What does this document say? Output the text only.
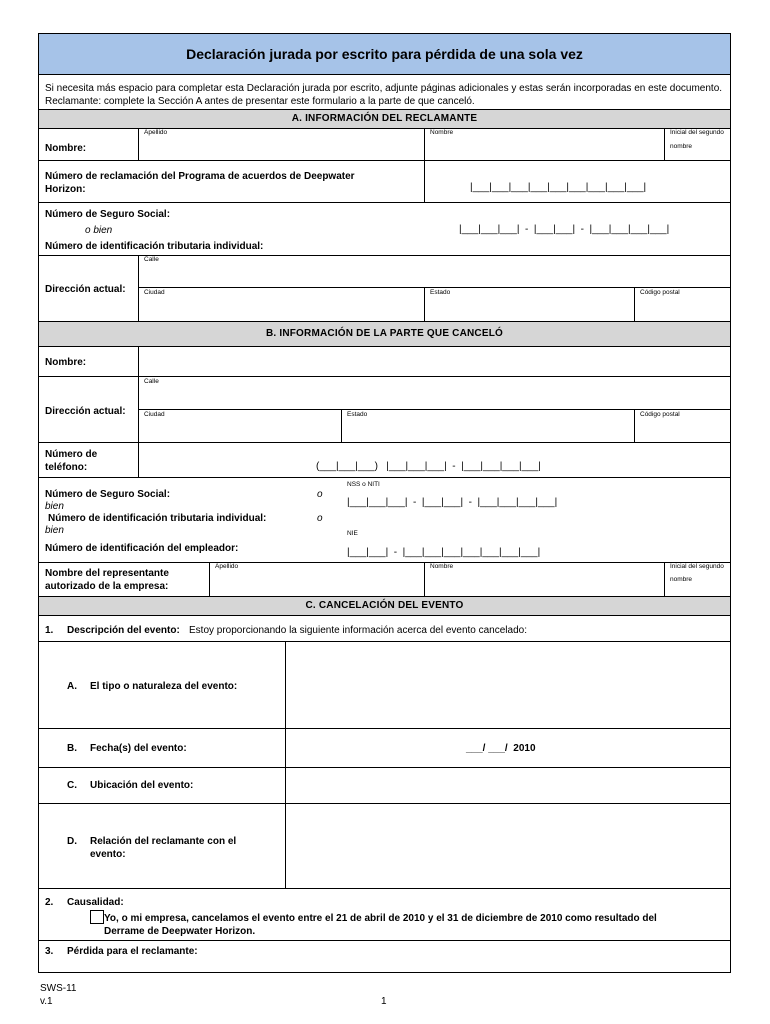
Declaración jurada por escrito para pérdida de una sola vez
Si necesita más espacio para completar esta Declaración jurada por escrito, adjunte páginas adicionales y estas serán incorporadas en este documento.
Reclamante: complete la Sección A antes de presentar este formulario a la parte de que canceló.
A. INFORMACIÓN DEL RECLAMANTE
Nombre:
Apellido	Nombre	Inicial del segundo
nombre
Número de reclamación del Programa de acuerdos de Deepwater
Horizon:	|___|___|___|___|___|___|___|___|___|
Número de Seguro Social:
o bien
Número de identificación tributaria individual:
|___|___|___|  -  |___|___|  -  |___|___|___|___|
Dirección actual:
Calle
Ciudad	Estado	Código postal
B. INFORMACIÓN DE LA PARTE QUE CANCELÓ
Nombre:
Dirección actual:
Calle
Ciudad	Estado	Código postal
Número de
teléfono:	(___|___|___)   |___|___|___|  -  |___|___|___|___|
Número de Seguro Social:	o
bien
Número de identificación tributaria individual:	o
bien
Número de identificación del empleador:
NSS o NITI
|___|___|___|  -  |___|___|  -  |___|___|___|___|
NIE
|___|___|  -  |___|___|___|___|___|___|___|
Nombre del representante
autorizado de la empresa:
Apellido	Nombre	Inicial del segundo
nombre
C. CANCELACIÓN DEL EVENTO
1. Descripción del evento: Estoy proporcionando la siguiente información acerca del evento cancelado:
A. El tipo o naturaleza del evento:
B. Fecha(s) del evento:	___/ ___/  2010
C. Ubicación del evento:
D. Relación del reclamante con el
evento:
2. Causalidad:
Yo, o mi empresa, cancelamos el evento entre el 21 de abril de 2010 y el 31 de diciembre de 2010 como resultado del
Derrame de Deepwater Horizon.
3. Pérdida para el reclamante:
SWS-11
v.1	1
